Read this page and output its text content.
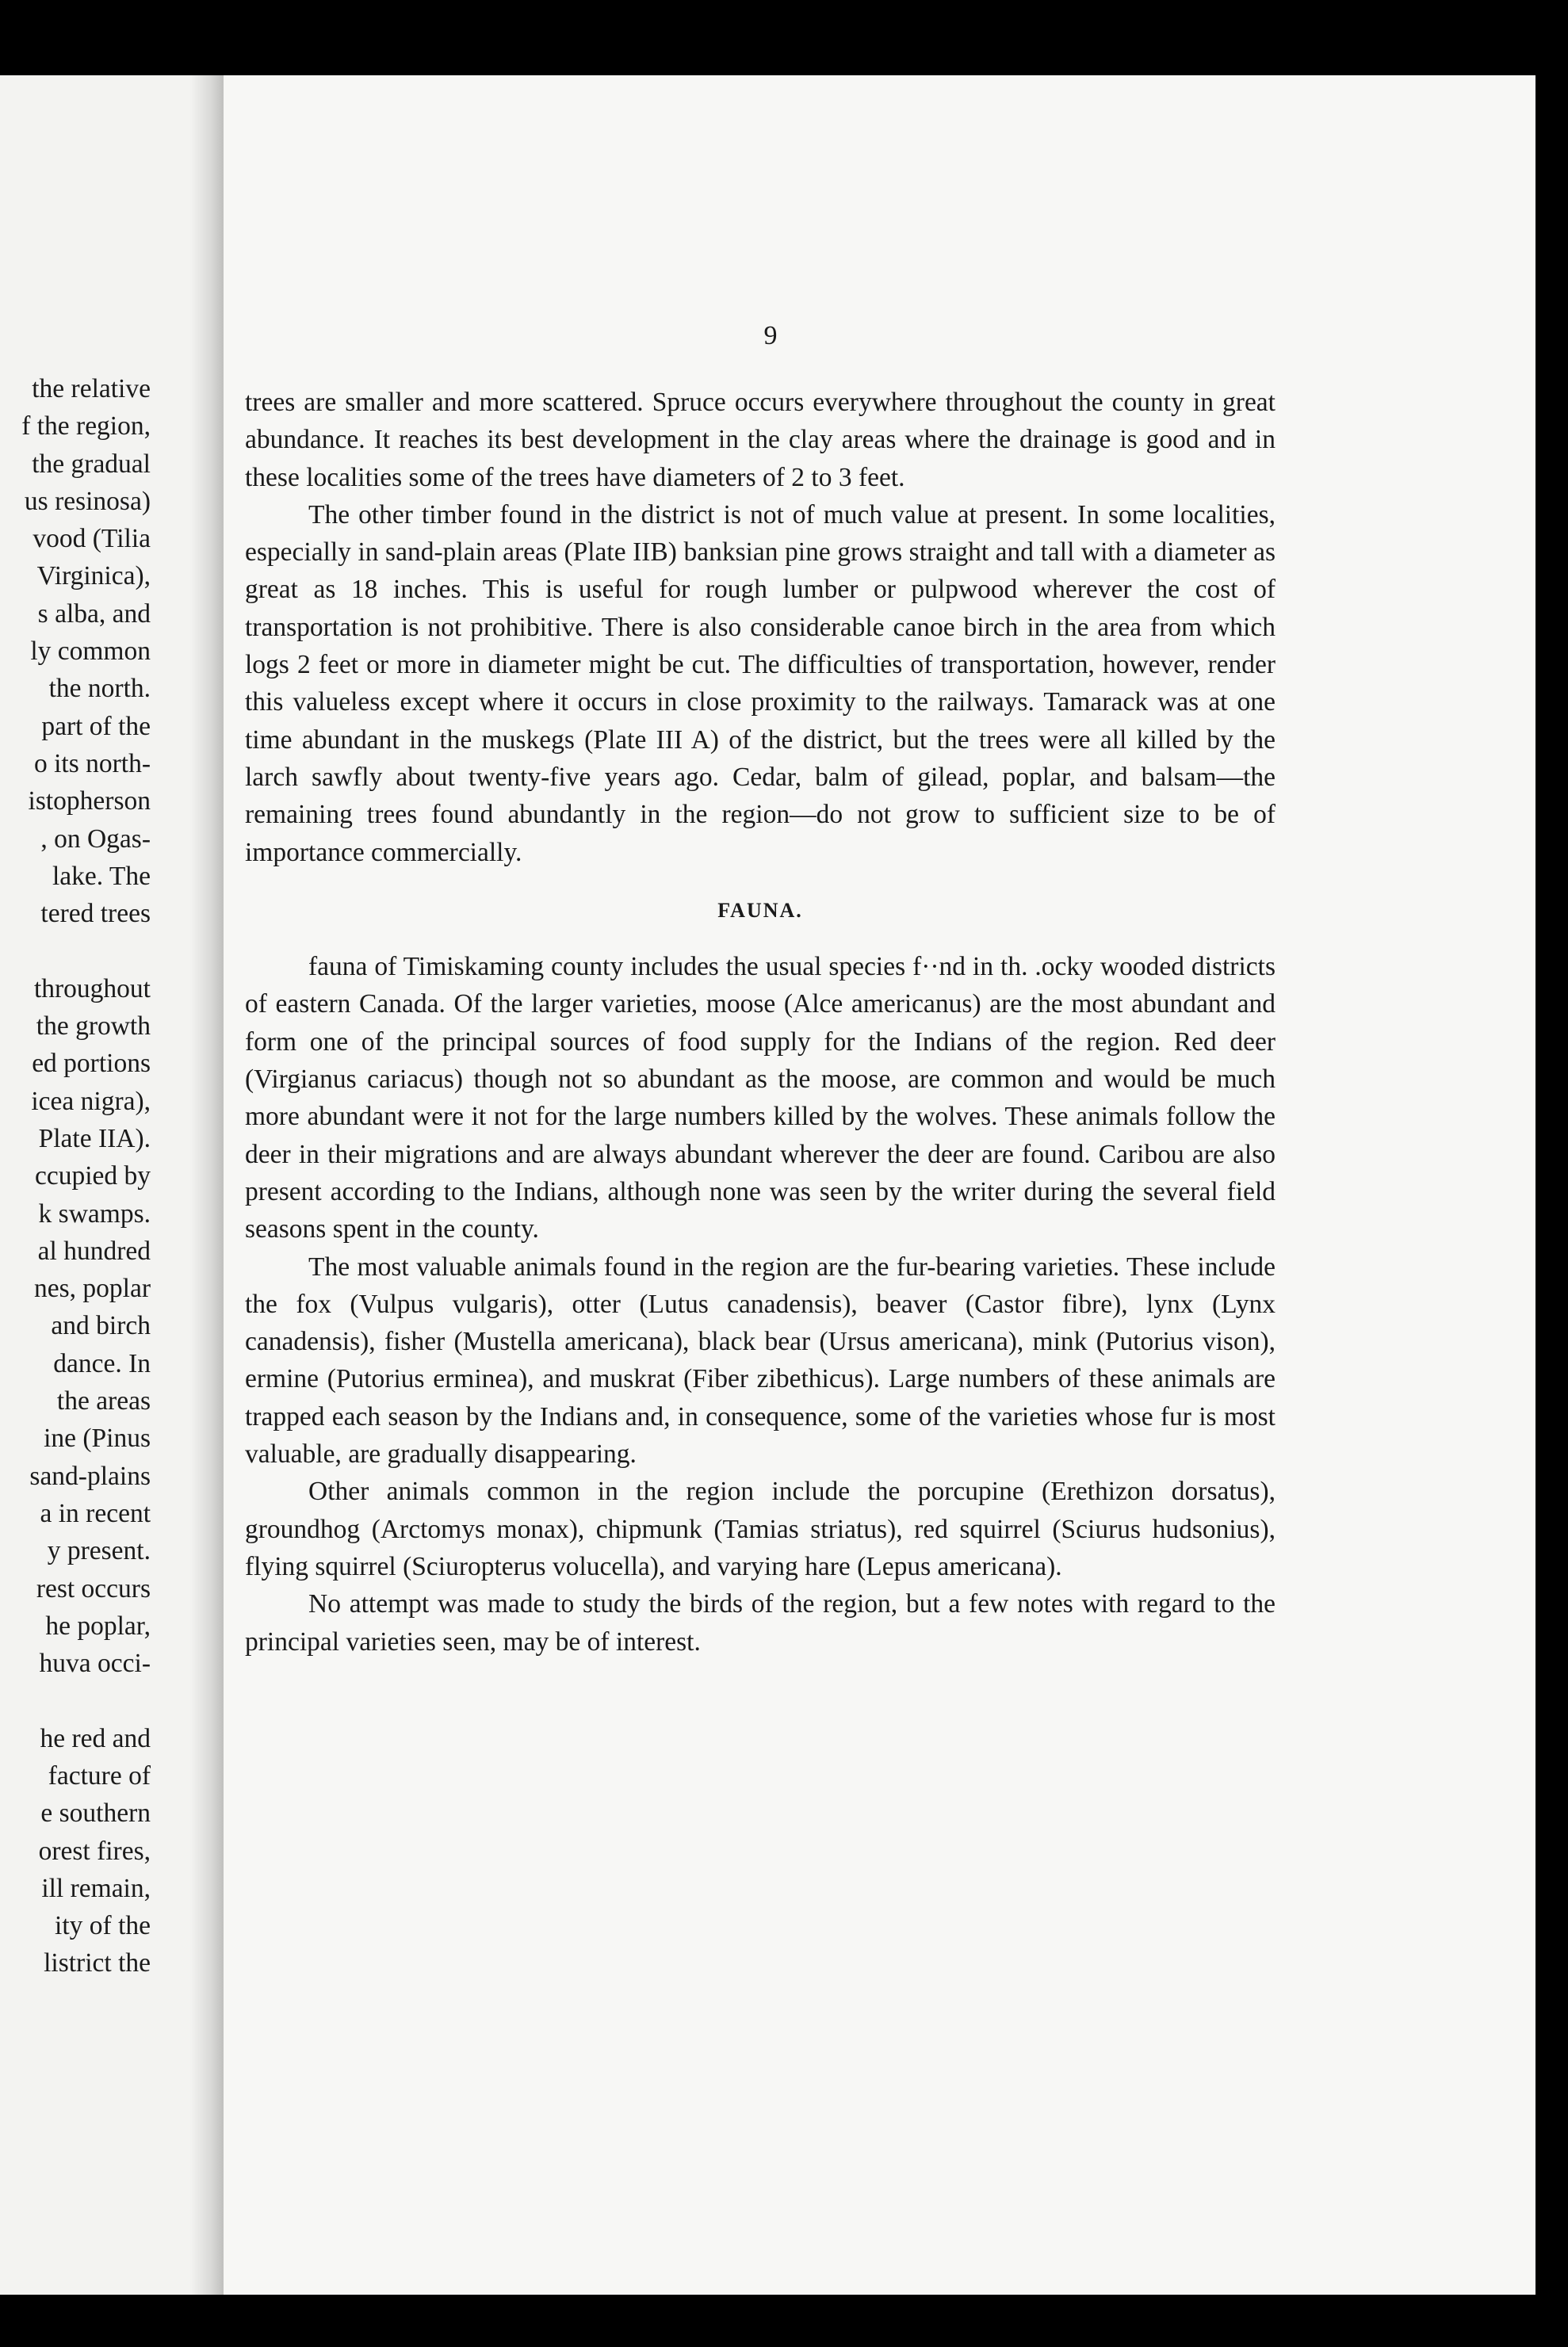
the relative
f the region,
the gradual
us resinosa)
vood (Tilia
Virginica),
s alba, and
ly common
the north.
part of the
o its north-
istopherson
, on Ogas-
lake. The
tered trees

throughout
the growth
ed portions
icea nigra),
Plate IIA).
ccupied by
k swamps.
al hundred
nes, poplar
and birch
dance. In
the areas
ine (Pinus
sand-plains
a in recent
y present.
rest occurs
he poplar,
huva occi-

he red and
facture of
e southern
orest fires,
ill remain,
ity of the
listrict the
9

trees are smaller and more scattered. Spruce occurs everywhere throughout the county in great abundance. It reaches its best development in the clay areas where the drainage is good and in these localities some of the trees have diameters of 2 to 3 feet.

The other timber found in the district is not of much value at present. In some localities, especially in sand-plain areas (Plate IIB) banksian pine grows straight and tall with a diameter as great as 18 inches. This is useful for rough lumber or pulpwood wherever the cost of transportation is not prohibitive. There is also considerable canoe birch in the area from which logs 2 feet or more in diameter might be cut. The difficulties of transportation, however, render this valueless except where it occurs in close proximity to the railways. Tamarack was at one time abundant in the muskegs (Plate III A) of the district, but the trees were all killed by the larch sawfly about twenty-five years ago. Cedar, balm of gilead, poplar, and balsam—the remaining trees found abundantly in the region—do not grow to sufficient size to be of importance commercially.

FAUNA.

fauna of Timiskaming county includes the usual species f··nd in th. .ocky wooded districts of eastern Canada. Of the larger varieties, moose (Alce americanus) are the most abundant and form one of the principal sources of food supply for the Indians of the region. Red deer (Virgianus cariacus) though not so abundant as the moose, are common and would be much more abundant were it not for the large numbers killed by the wolves. These animals follow the deer in their migrations and are always abundant wherever the deer are found. Caribou are also present according to the Indians, although none was seen by the writer during the several field seasons spent in the county.

The most valuable animals found in the region are the fur-bearing varieties. These include the fox (Vulpus vulgaris), otter (Lutus canadensis), beaver (Castor fibre), lynx (Lynx canadensis), fisher (Mustella americana), black bear (Ursus americana), mink (Putorius vison), ermine (Putorius erminea), and muskrat (Fiber zibethicus). Large numbers of these animals are trapped each season by the Indians and, in consequence, some of the varieties whose fur is most valuable, are gradually disappearing.

Other animals common in the region include the porcupine (Erethizon dorsatus), groundhog (Arctomys monax), chipmunk (Tamias striatus), red squirrel (Sciurus hudsonius), flying squirrel (Sciuropterus volucella), and varying hare (Lepus americana).

No attempt was made to study the birds of the region, but a few notes with regard to the principal varieties seen, may be of interest.
